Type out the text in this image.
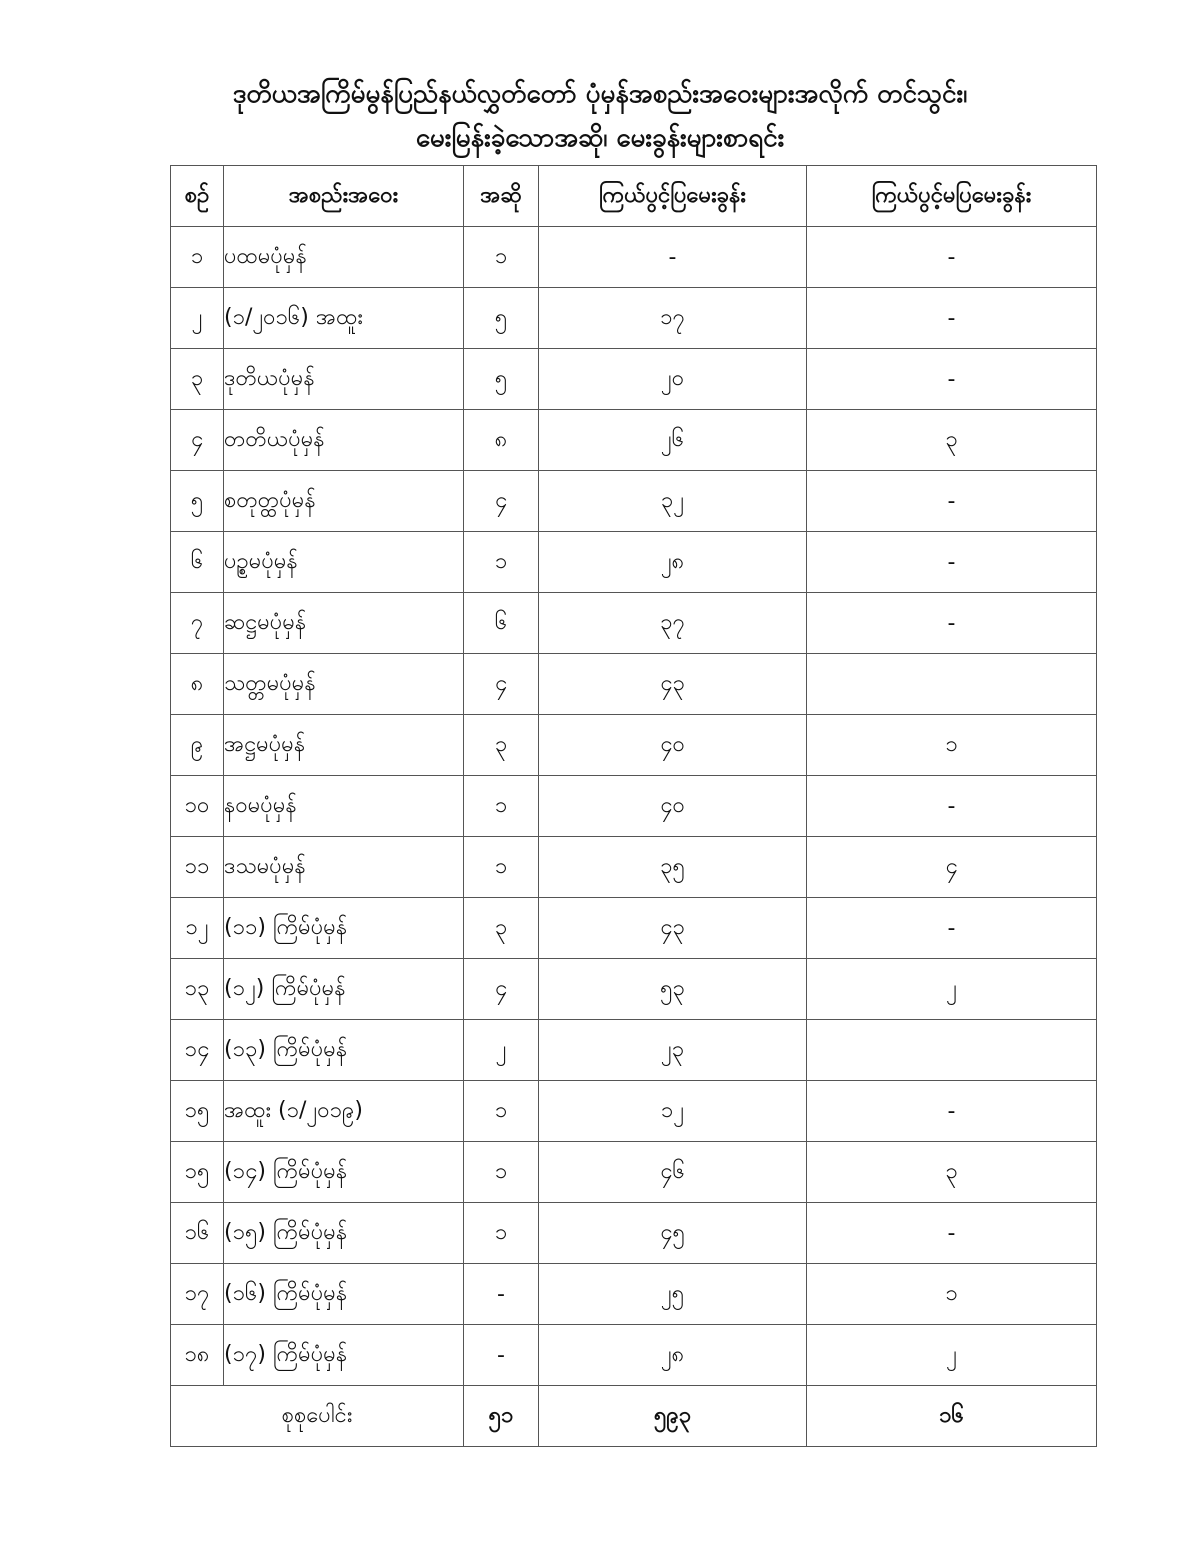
ဒုတိယအကြိမ်မွန်ပြည်နယ်လွှတ်တော် ပုံမှန်အစည်းအဝေးများအလိုက် တင်သွင်း၊
မေးမြန်းခဲ့သောအဆို၊ မေးခွန်းများစာရင်း
စဉ်	အစည်းအဝေး	အဆို	ကြယ်ပွင့်ပြမေးခွန်း	ကြယ်ပွင့်မပြမေးခွန်း
၁	ပထမပုံမှန်	၁	-	-
၂	(၁/၂၀၁၆) အထူး	၅	၁၇	-
၃	ဒုတိယပုံမှန်	၅	၂၀	-
၄	တတိယပုံမှန်	၈	၂၆	၃
၅	စတုတ္ထပုံမှန်	၄	၃၂	-
၆	ပဉ္စမပုံမှန်	၁	၂၈	-
၇	ဆဋ္ဌမပုံမှန်	၆	၃၇	-
၈	သတ္တမပုံမှန်	၄	၄၃	
၉	အဋ္ဌမပုံမှန်	၃	၄၀	၁
၁၀	နဝမပုံမှန်	၁	၄၀	-
၁၁	ဒသမပုံမှန်	၁	၃၅	၄
၁၂	(၁၁) ကြိမ်ပုံမှန်	၃	၄၃	-
၁၃	(၁၂) ကြိမ်ပုံမှန်	၄	၅၃	၂
၁၄	(၁၃) ကြိမ်ပုံမှန်	၂	၂၃	
၁၅	အထူး (၁/၂၀၁၉)	၁	၁၂	-
၁၅	(၁၄) ကြိမ်ပုံမှန်	၁	၄၆	၃
၁၆	(၁၅) ကြိမ်ပုံမှန်	၁	၄၅	-
၁၇	(၁၆) ကြိမ်ပုံမှန်	-	၂၅	၁
၁၈	(၁၇) ကြိမ်ပုံမှန်	-	၂၈	၂
စုစုပေါင်း		၅၁	၅၉၃	၁၆
